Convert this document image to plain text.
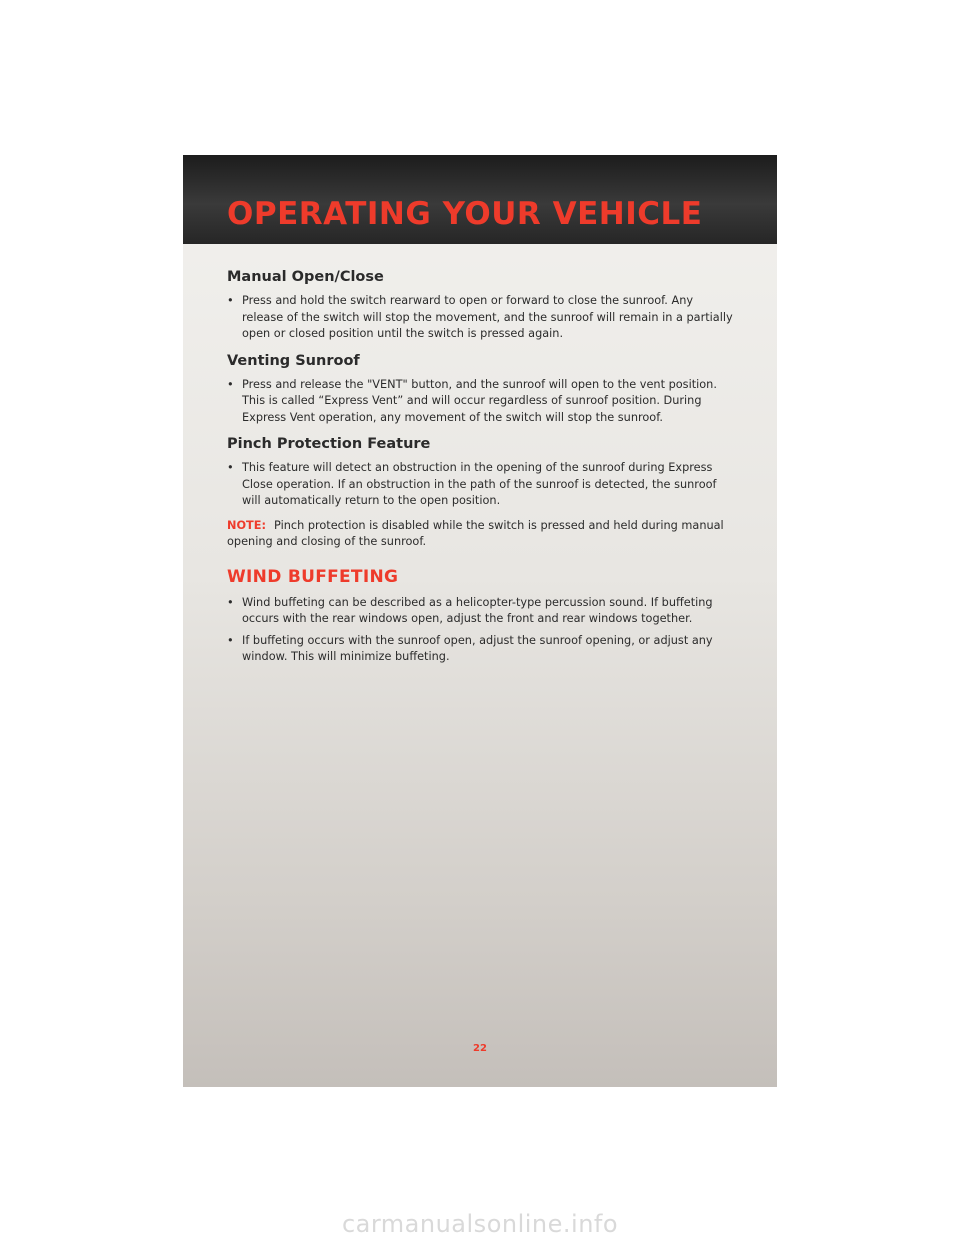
OPERATING YOUR VEHICLE
Manual Open/Close
• Press and hold the switch rearward to open or forward to close the sunroof. Any release of the switch will stop the movement, and the sunroof will remain in a partially open or closed position until the switch is pressed again.
Venting Sunroof
• Press and release the "VENT" button, and the sunroof will open to the vent position. This is called “Express Vent” and will occur regardless of sunroof position. During Express Vent operation, any movement of the switch will stop the sunroof.
Pinch Protection Feature
• This feature will detect an obstruction in the opening of the sunroof during Express Close operation. If an obstruction in the path of the sunroof is detected, the sunroof will automatically return to the open position.

NOTE: Pinch protection is disabled while the switch is pressed and held during manual opening and closing of the sunroof.

WIND BUFFETING
• Wind buffeting can be described as a helicopter-type percussion sound. If buffeting occurs with the rear windows open, adjust the front and rear windows together.
• If buffeting occurs with the sunroof open, adjust the sunroof opening, or adjust any window. This will minimize buffeting.
22
carmanualsonline.info
